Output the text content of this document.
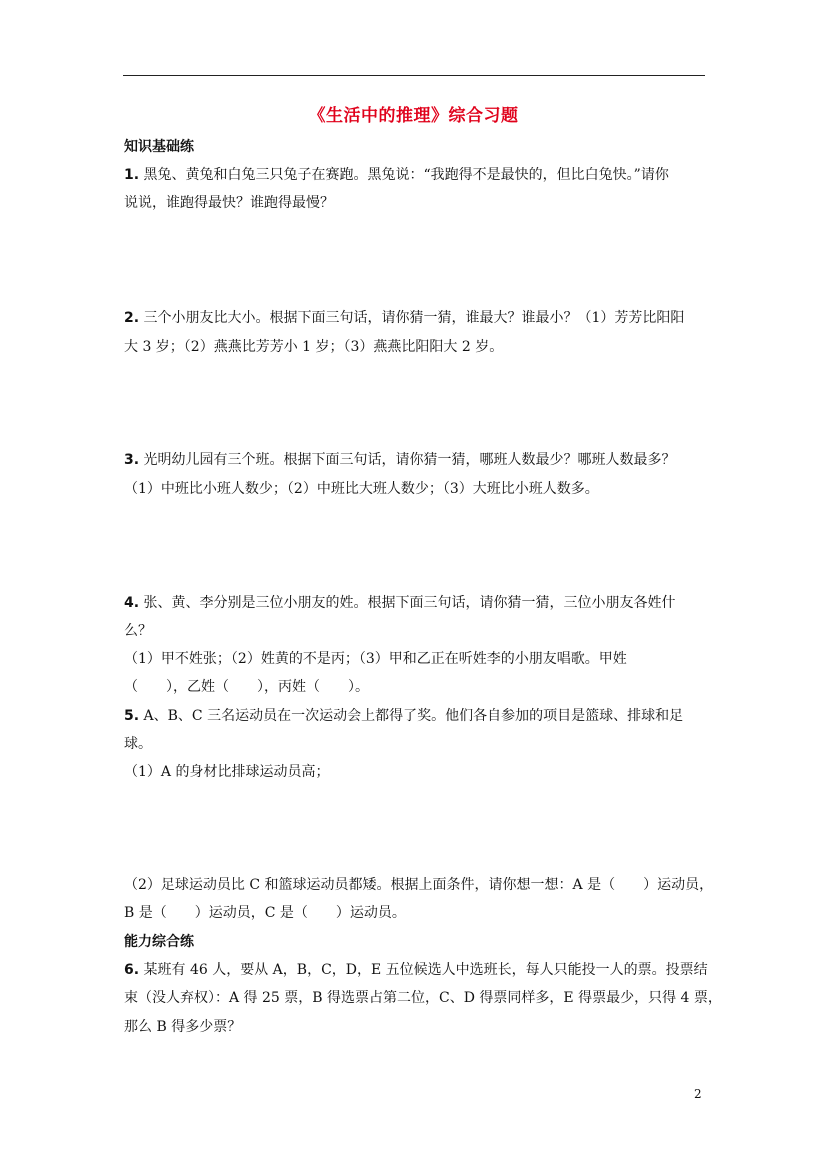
《生活中的推理》综合习题
知识基础练
1. 黑兔、黄兔和白兔三只兔子在赛跑。黑兔说：“我跑得不是最快的，但比白兔快。”请你
说说，谁跑得最快？谁跑得最慢？
2. 三个小朋友比大小。根据下面三句话，请你猜一猜，谁最大？谁最小？（1）芳芳比阳阳
大 3 岁；（2）燕燕比芳芳小 1 岁；（3）燕燕比阳阳大 2 岁。
3. 光明幼儿园有三个班。根据下面三句话，请你猜一猜，哪班人数最少？哪班人数最多？
（1）中班比小班人数少；（2）中班比大班人数少；（3）大班比小班人数多。
4. 张、黄、李分别是三位小朋友的姓。根据下面三句话，请你猜一猜，三位小朋友各姓什
么？
（1）甲不姓张；（2）姓黄的不是丙；（3）甲和乙正在听姓李的小朋友唱歌。甲姓
（　　），乙姓（　　），丙姓（　　）。
5. A、B、C 三名运动员在一次运动会上都得了奖。他们各自参加的项目是篮球、排球和足
球。
（1）A 的身材比排球运动员高；
（2）足球运动员比 C 和篮球运动员都矮。根据上面条件，请你想一想：A 是（　　）运动员，
B 是（　　）运动员，C 是（　　）运动员。
能力综合练
6. 某班有 46 人，要从 A，B，C，D，E 五位候选人中选班长，每人只能投一人的票。投票结
束（没人弃权）：A 得 25 票，B 得选票占第二位，C、D 得票同样多，E 得票最少，只得 4 票，
那么 B 得多少票？
2
